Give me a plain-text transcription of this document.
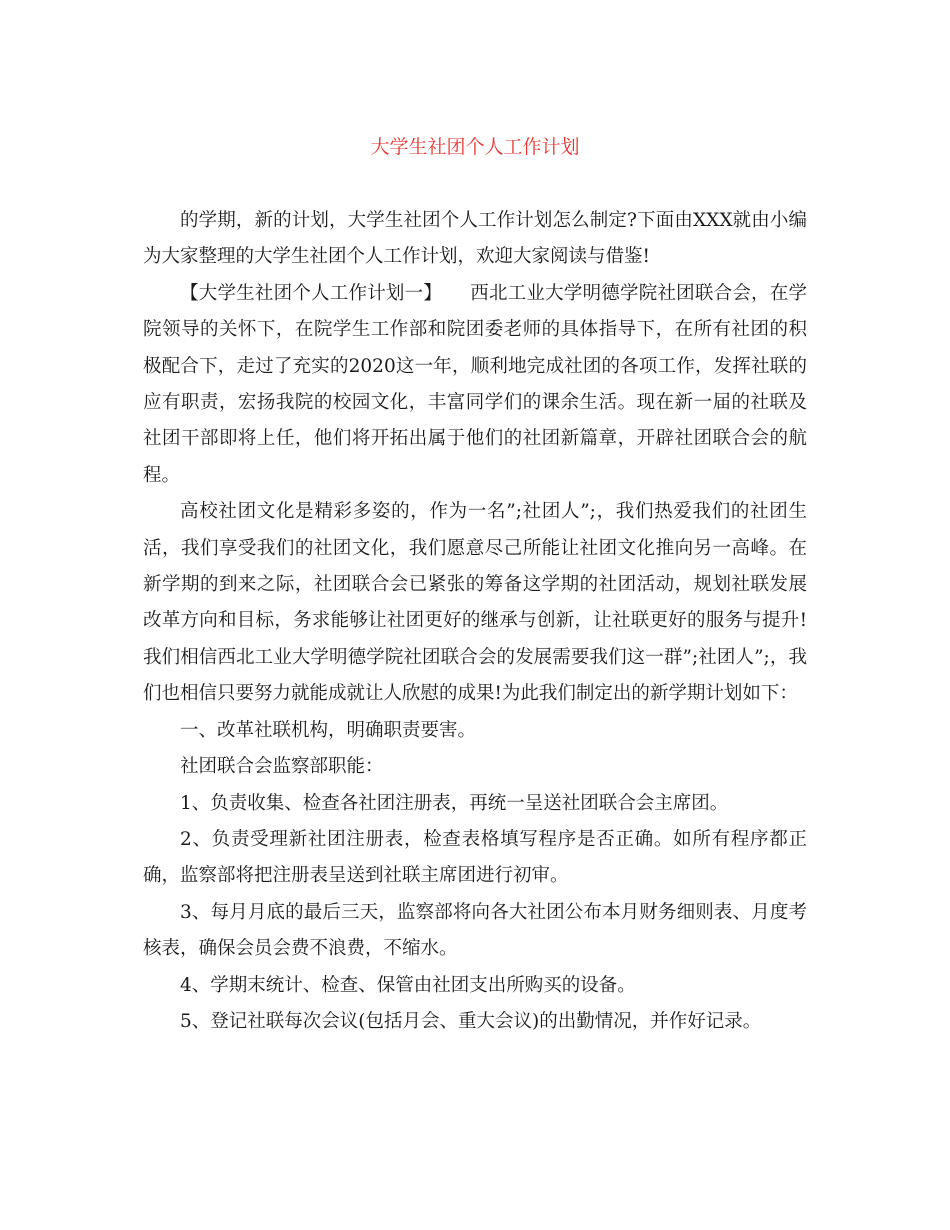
大学生社团个人工作计划

的学期，新的计划，大学生社团个人工作计划怎么制定?下面由XXX就由小编为大家整理的大学生社团个人工作计划，欢迎大家阅读与借鉴!

【大学生社团个人工作计划一】　　西北工业大学明德学院社团联合会，在学院领导的关怀下，在院学生工作部和院团委老师的具体指导下，在所有社团的积极配合下，走过了充实的2020这一年，顺利地完成社团的各项工作，发挥社联的应有职责，宏扬我院的校园文化，丰富同学们的课余生活。现在新一届的社联及社团干部即将上任，他们将开拓出属于他们的社团新篇章，开辟社团联合会的航程。

高校社团文化是精彩多姿的，作为一名”;社团人”;，我们热爱我们的社团生活，我们享受我们的社团文化，我们愿意尽己所能让社团文化推向另一高峰。在新学期的到来之际，社团联合会已紧张的筹备这学期的社团活动，规划社联发展改革方向和目标，务求能够让社团更好的继承与创新，让社联更好的服务与提升!我们相信西北工业大学明德学院社团联合会的发展需要我们这一群”;社团人”;，我们也相信只要努力就能成就让人欣慰的成果!为此我们制定出的新学期计划如下：

一、改革社联机构，明确职责要害。

社团联合会监察部职能：

1、负责收集、检查各社团注册表，再统一呈送社团联合会主席团。

2、负责受理新社团注册表，检查表格填写程序是否正确。如所有程序都正确，监察部将把注册表呈送到社联主席团进行初审。

3、每月月底的最后三天，监察部将向各大社团公布本月财务细则表、月度考核表，确保会员会费不浪费，不缩水。

4、学期末统计、检查、保管由社团支出所购买的设备。

5、登记社联每次会议(包括月会、重大会议)的出勤情况，并作好记录。
